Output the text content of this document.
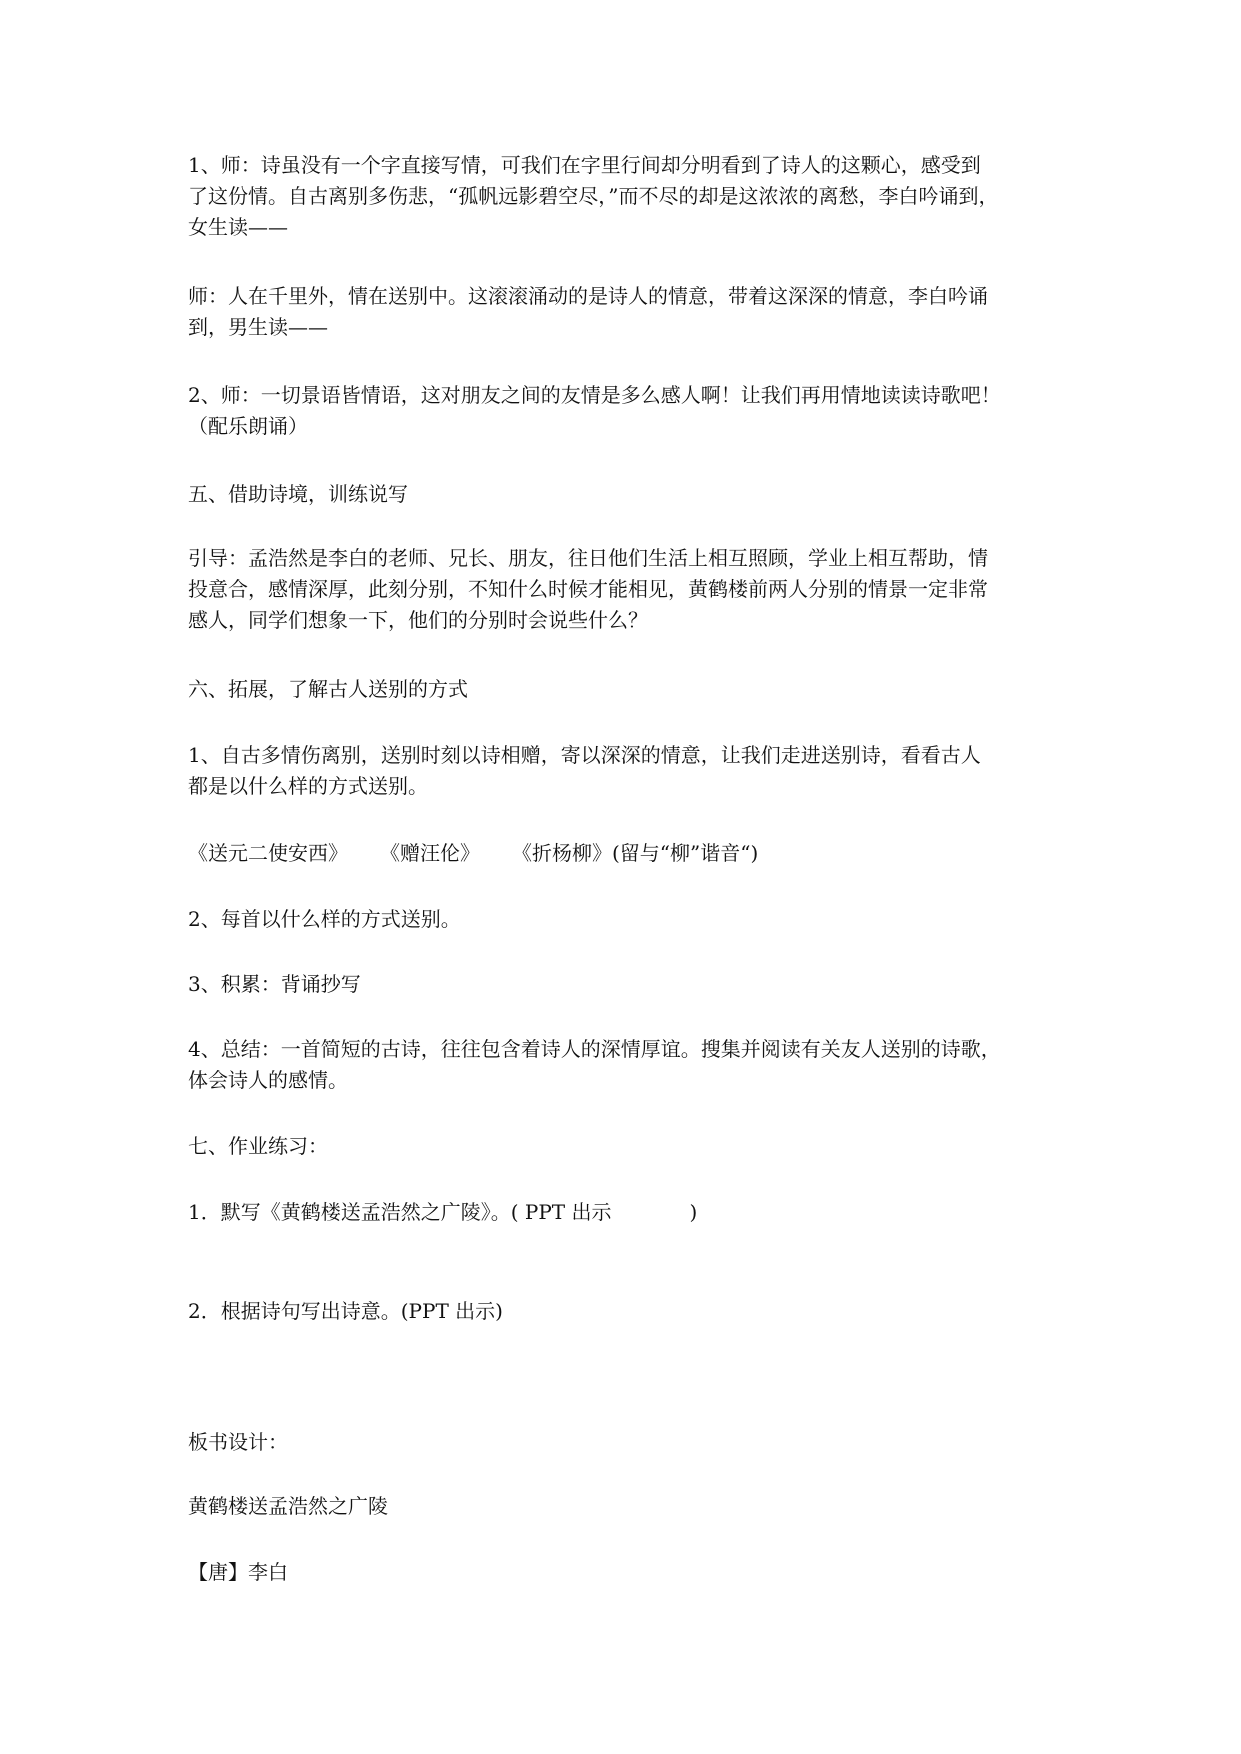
1、师：诗虽没有一个字直接写情，可我们在字里行间却分明看到了诗人的这颗心，感受到
了这份情。自古离别多伤悲，“孤帆远影碧空尽，”而不尽的却是这浓浓的离愁，李白吟诵到，
女生读——
师：人在千里外，情在送别中。这滚滚涌动的是诗人的情意，带着这深深的情意，李白吟诵
到，男生读——
2、师：一切景语皆情语，这对朋友之间的友情是多么感人啊！让我们再用情地读读诗歌吧！
（配乐朗诵）
五、借助诗境，训练说写
引导：孟浩然是李白的老师、兄长、朋友，往日他们生活上相互照顾，学业上相互帮助，情
投意合，感情深厚，此刻分别，不知什么时候才能相见，黄鹤楼前两人分别的情景一定非常
感人，同学们想象一下，他们的分别时会说些什么？
六、拓展，了解古人送别的方式
1、自古多情伤离别，送别时刻以诗相赠，寄以深深的情意，让我们走进送别诗，看看古人
都是以什么样的方式送别。
《送元二使安西》 《赠汪伦》 《折杨柳》(留与“柳”谐音“)
2、每首以什么样的方式送别。
3、积累：背诵抄写
4、总结：一首简短的古诗，往往包含着诗人的深情厚谊。搜集并阅读有关友人送别的诗歌，
体会诗人的感情。
七、作业练习：
1．默写《黄鹤楼送孟浩然之广陵》。( PPT 出示	)
2．根据诗句写出诗意。(PPT 出示)
板书设计：
黄鹤楼送孟浩然之广陵
【唐】李白
